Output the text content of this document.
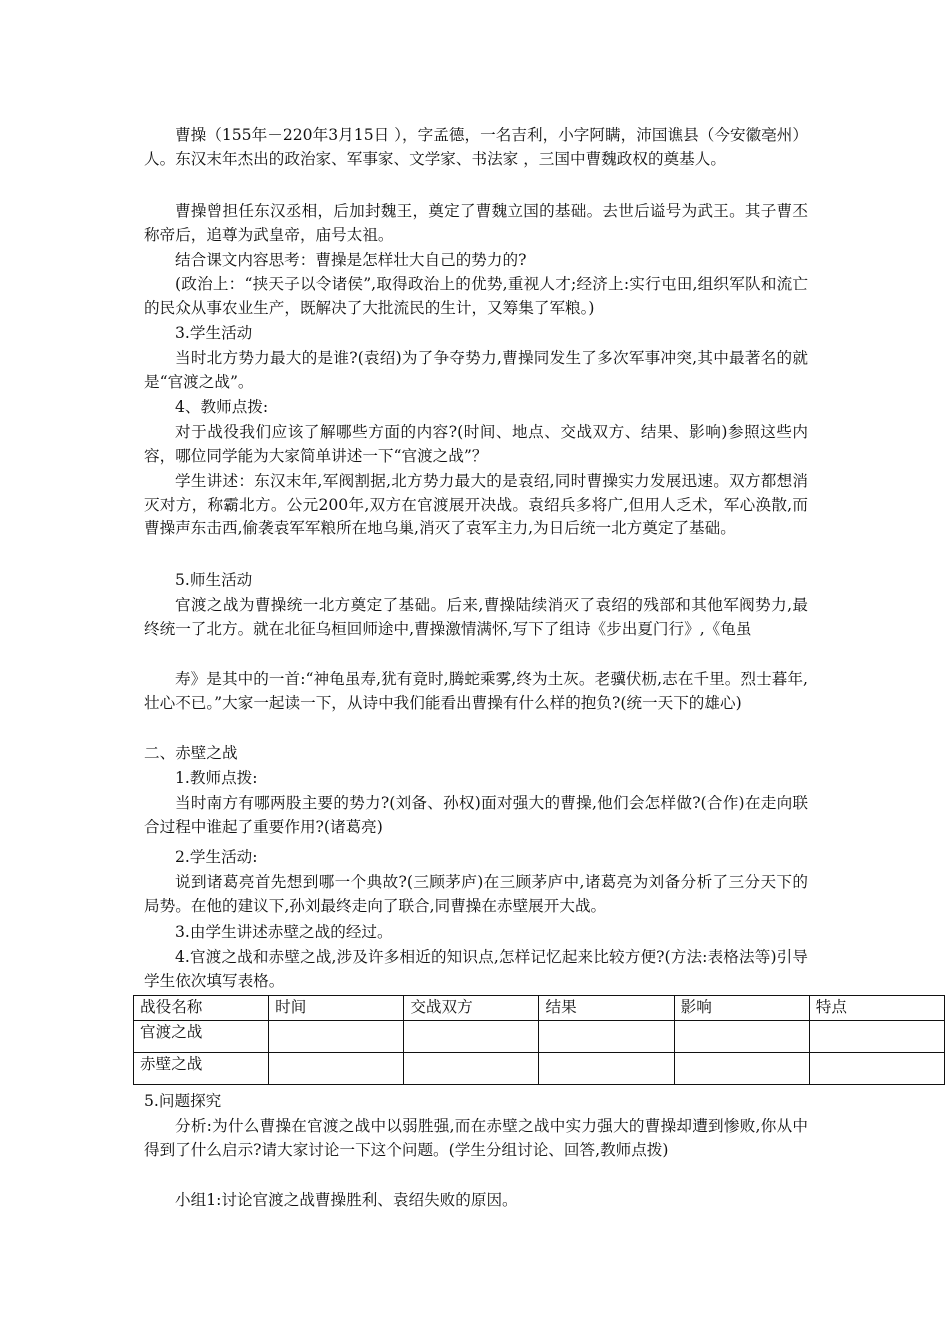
曹操（155年－220年3月15日 ），字孟德，一名吉利，小字阿瞒，沛国谯县（今安徽亳州）人。东汉末年杰出的政治家、军事家、文学家、书法家 ，三国中曹魏政权的奠基人。

曹操曾担任东汉丞相，后加封魏王，奠定了曹魏立国的基础。去世后谥号为武王。其子曹丕称帝后，追尊为武皇帝，庙号太祖。

结合课文内容思考：曹操是怎样壮大自己的势力的?

(政治上：“挟天子以令诸侯”,取得政治上的优势,重视人才;经济上:实行屯田,组织军队和流亡的民众从事农业生产，既解决了大批流民的生计，又筹集了军粮。)

3.学生活动

当时北方势力最大的是谁?(袁绍)为了争夺势力,曹操同发生了多次军事冲突,其中最著名的就是“官渡之战”。

4、教师点拨:

对于战役我们应该了解哪些方面的内容?(时间、地点、交战双方、结果、影响)参照这些内容，哪位同学能为大家简单讲述一下“官渡之战”？

学生讲述：东汉末年,军阀割据,北方势力最大的是袁绍,同时曹操实力发展迅速。双方都想消灭对方，称霸北方。公元200年,双方在官渡展开决战。袁绍兵多将广,但用人乏术，军心涣散,而曹操声东击西,偷袭袁军军粮所在地乌巢,消灭了袁军主力,为日后统一北方奠定了基础。

5.师生活动

官渡之战为曹操统一北方奠定了基础。后来,曹操陆续消灭了袁绍的残部和其他军阀势力,最终统一了北方。就在北征乌桓回师途中,曹操激情满怀,写下了组诗《步出夏门行》,《龟虽

寿》是其中的一首:“神龟虽寿,犹有竟时,腾蛇乘雾,终为土灰。老骥伏枥,志在千里。烈士暮年,壮心不已。”大家一起读一下，从诗中我们能看出曹操有什么样的抱负?(统一天下的雄心)

二、赤壁之战

1.教师点拨:

当时南方有哪两股主要的势力?(刘备、孙权)面对强大的曹操,他们会怎样做?(合作)在走向联合过程中谁起了重要作用?(诸葛亮)

2.学生活动:

说到诸葛亮首先想到哪一个典故?(三顾茅庐)在三顾茅庐中,诸葛亮为刘备分析了三分天下的局势。在他的建议下,孙刘最终走向了联合,同曹操在赤壁展开大战。

3.由学生讲述赤壁之战的经过。

4.官渡之战和赤壁之战,涉及许多相近的知识点,怎样记忆起来比较方便?(方法:表格法等)引导学生依次填写表格。

战役名称	时间	交战双方	结果	影响	特点
官渡之战					
赤壁之战					

5.问题探究

分析:为什么曹操在官渡之战中以弱胜强,而在赤壁之战中实力强大的曹操却遭到惨败,你从中得到了什么启示?请大家讨论一下这个问题。(学生分组讨论、回答,教师点拨)

小组1:讨论官渡之战曹操胜利、袁绍失败的原因。
